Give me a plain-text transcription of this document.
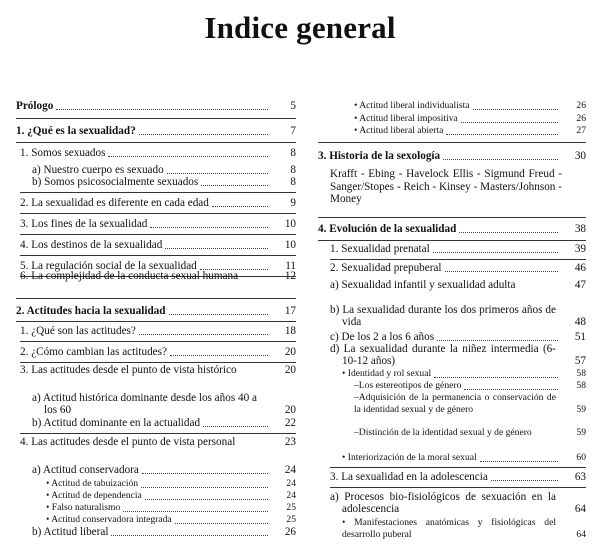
Indice general
Prólogo	5
1. ¿Qué es la sexualidad?	7
1. Somos sexuados	8
a) Nuestro cuerpo es sexuado	8
b) Somos psicosocialmente sexuados	8
2. La sexualidad es diferente en cada edad	9
3. Los fines de la sexualidad	10
4. Los destinos de la sexualidad	10
5. La regulación social de la sexualidad	11
6. La complejidad de la conducta sexual humana	12
2. Actitudes hacia la sexualidad	17
1. ¿Qué son las actitudes?	18
2. ¿Cómo cambian las actitudes?	20
3. Las actitudes desde el punto de vista histórico	20
a) Actitud histórica dominante desde los años 40 a los 60	20
b) Actitud dominante en la actualidad	22
4. Las actitudes desde el punto de vista personal	23
a) Actitud conservadora	24
• Actitud de tabuización	24
• Actitud de dependencia	24
• Falso naturalismo	25
• Actitud conservadora integrada	25
b) Actitud liberal	26
• Actitud liberal individualista	26
• Actitud liberal impositiva	26
• Actitud liberal abierta	27
3. Historia de la sexología	30
Krafft - Ebing - Havelock Ellis - Sigmund Freud - Sanger/Stopes - Reich - Kinsey - Masters/Johnson - Money
4. Evolución de la sexualidad	38
1. Sexualidad prenatal	39
2. Sexualidad prepuberal	46
a) Sexualidad infantil y sexualidad adulta	47
b) La sexualidad durante los dos primeros años de vida	48
c) De los 2 a los 6 años	51
d) La sexualidad durante la niñez intermedia (6-10-12 años)	57
• Identidad y rol sexual	58
–Los estereotipos de género	58
–Adquisición de la permanencia o conservación de la identidad sexual y de género	59
–Distinción de la identidad sexual y de género	59
• Interiorización de la moral sexual	60
3. La sexualidad en la adolescencia	63
a) Procesos bio-fisiológicos de sexuación en la adolescencia	64
• Manifestaciones anatómicas y fisiológicas del desarrollo puberal	64
